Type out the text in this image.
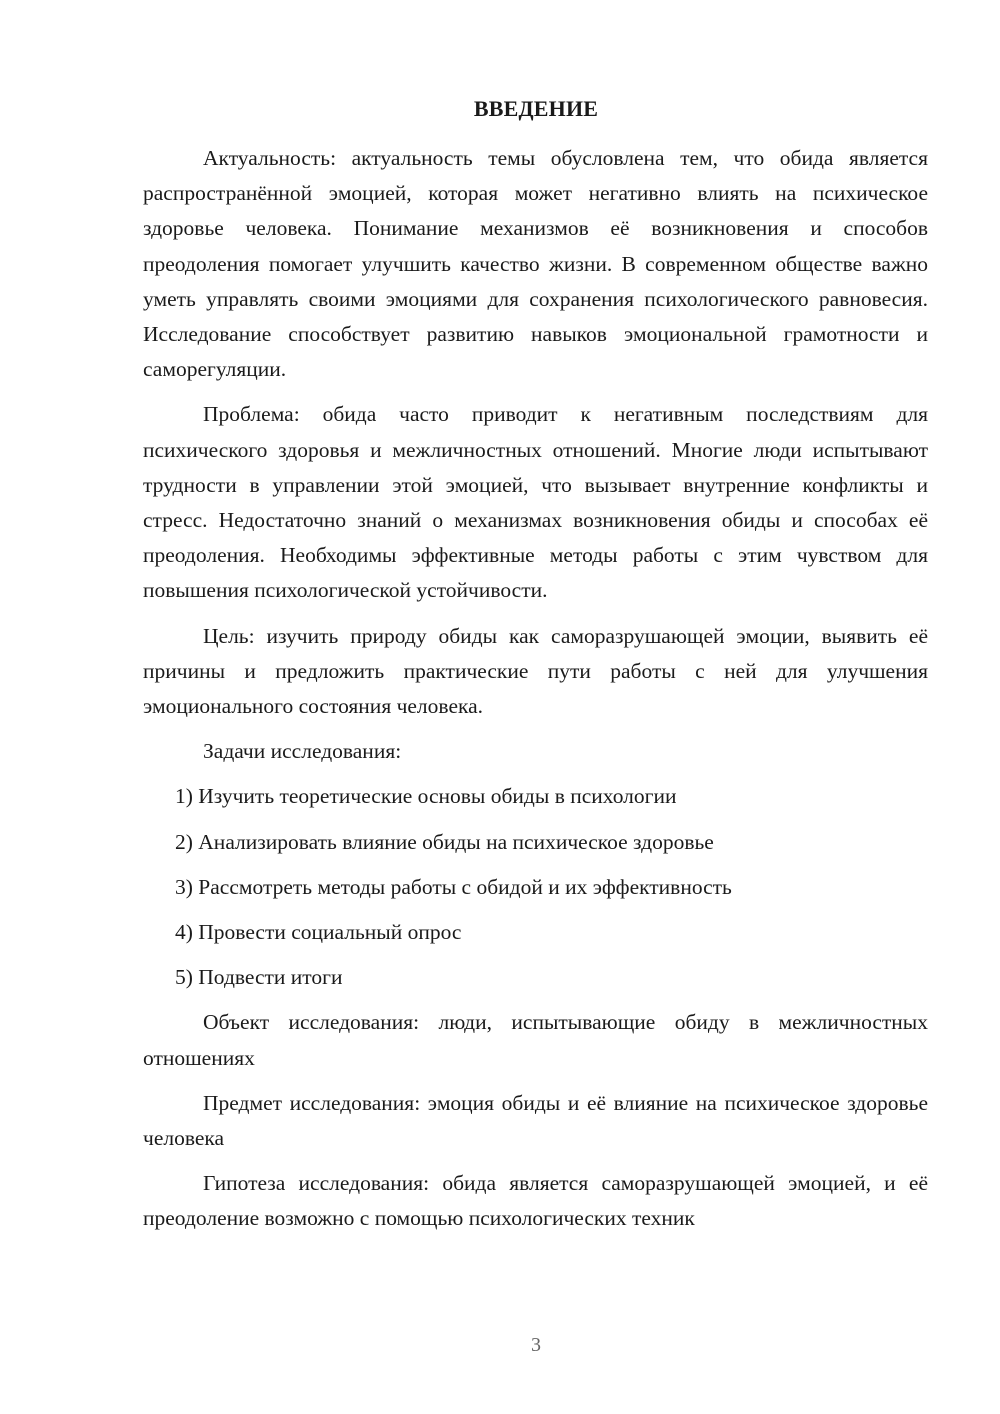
ВВЕДЕНИЕ

Актуальность: актуальность темы обусловлена тем, что обида является распространённой эмоцией, которая может негативно влиять на психическое здоровье человека. Понимание механизмов её возникновения и способов преодоления помогает улучшить качество жизни. В современном обществе важно уметь управлять своими эмоциями для сохранения психологического равновесия. Исследование способствует развитию навыков эмоциональной грамотности и саморегуляции.

Проблема: обида часто приводит к негативным последствиям для психического здоровья и межличностных отношений. Многие люди испытывают трудности в управлении этой эмоцией, что вызывает внутренние конфликты и стресс. Недостаточно знаний о механизмах возникновения обиды и способах её преодоления. Необходимы эффективные методы работы с этим чувством для повышения психологической устойчивости.

Цель: изучить природу обиды как саморазрушающей эмоции, выявить её причины и предложить практические пути работы с ней для улучшения эмоционального состояния человека.

Задачи исследования:

1) Изучить теоретические основы обиды в психологии
2) Анализировать влияние обиды на психическое здоровье
3) Рассмотреть методы работы с обидой и их эффективность
4) Провести социальный опрос
5) Подвести итоги

Объект исследования: люди, испытывающие обиду в межличностных отношениях

Предмет исследования: эмоция обиды и её влияние на психическое здоровье человека

Гипотеза исследования: обида является саморазрушающей эмоцией, и её преодоление возможно с помощью психологических техник

3
